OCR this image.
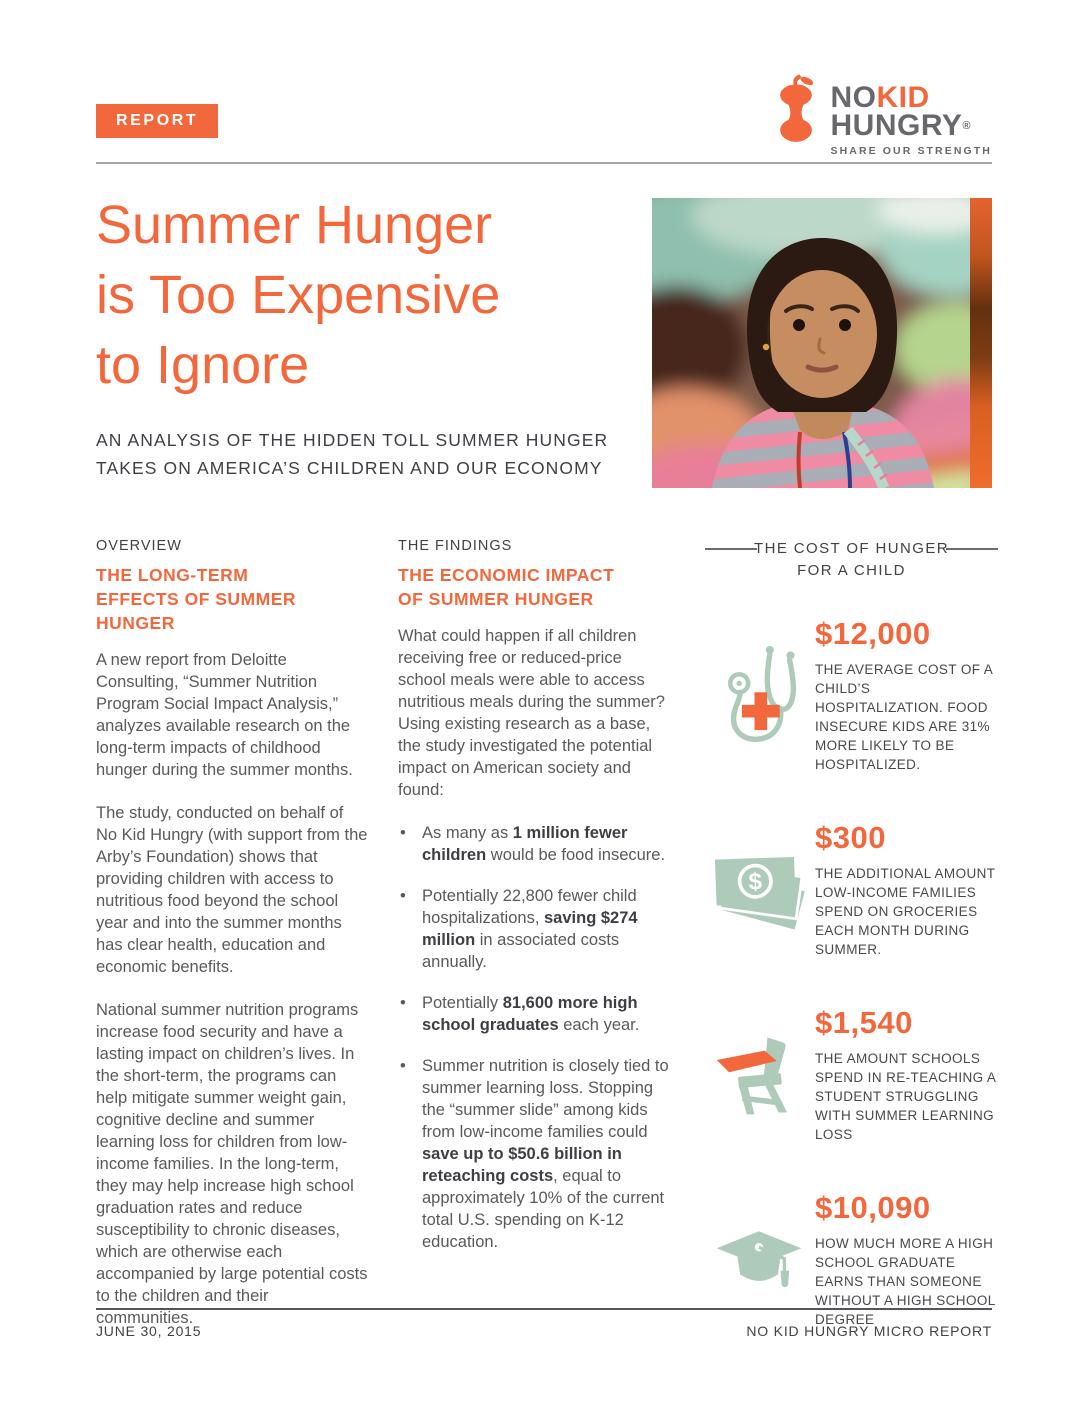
REPORT
NOKID
HUNGRY®
SHARE OUR STRENGTH
Summer Hunger
is Too Expensive
to Ignore
AN ANALYSIS OF THE HIDDEN TOLL SUMMER HUNGER
TAKES ON AMERICA’S CHILDREN AND OUR ECONOMY
OVERVIEW
THE LONG-TERM EFFECTS OF SUMMER HUNGER

A new report from Deloitte Consulting, “Summer Nutrition Program Social Impact Analysis,” analyzes available research on the long-term impacts of childhood hunger during the summer months.

The study, conducted on behalf of No Kid Hungry (with support from the Arby’s Foundation) shows that providing children with access to nutritious food beyond the school year and into the summer months has clear health, education and economic benefits.

National summer nutrition programs increase food security and have a lasting impact on children’s lives. In the short-term, the programs can help mitigate summer weight gain, cognitive decline and summer learning loss for children from low-income families. In the long-term, they may help increase high school graduation rates and reduce susceptibility to chronic diseases, which are otherwise each accompanied by large potential costs to the children and their communities.

THE FINDINGS
THE ECONOMIC IMPACT OF SUMMER HUNGER

What could happen if all children receiving free or reduced-price school meals were able to access nutritious meals during the summer? Using existing research as a base, the study investigated the potential impact on American society and found:

• As many as 1 million fewer children would be food insecure.
• Potentially 22,800 fewer child hospitalizations, saving $274 million in associated costs annually.
• Potentially 81,600 more high school graduates each year.
• Summer nutrition is closely tied to summer learning loss. Stopping the “summer slide” among kids from low-income families could save up to $50.6 billion in reteaching costs, equal to approximately 10% of the current total U.S. spending on K-12 education.
THE COST OF HUNGER
FOR A CHILD
$12,000
THE AVERAGE COST OF A CHILD’S HOSPITALIZATION. FOOD INSECURE KIDS ARE 31% MORE LIKELY TO BE HOSPITALIZED.
$
$300
THE ADDITIONAL AMOUNT LOW-INCOME FAMILIES SPEND ON GROCERIES EACH MONTH DURING SUMMER.
$1,540
THE AMOUNT SCHOOLS SPEND IN RE-TEACHING A STUDENT STRUGGLING WITH SUMMER LEARNING LOSS
$10,090
HOW MUCH MORE A HIGH SCHOOL GRADUATE EARNS THAN SOMEONE WITHOUT A HIGH SCHOOL DEGREE
JUNE 30, 2015	NO KID HUNGRY MICRO REPORT
